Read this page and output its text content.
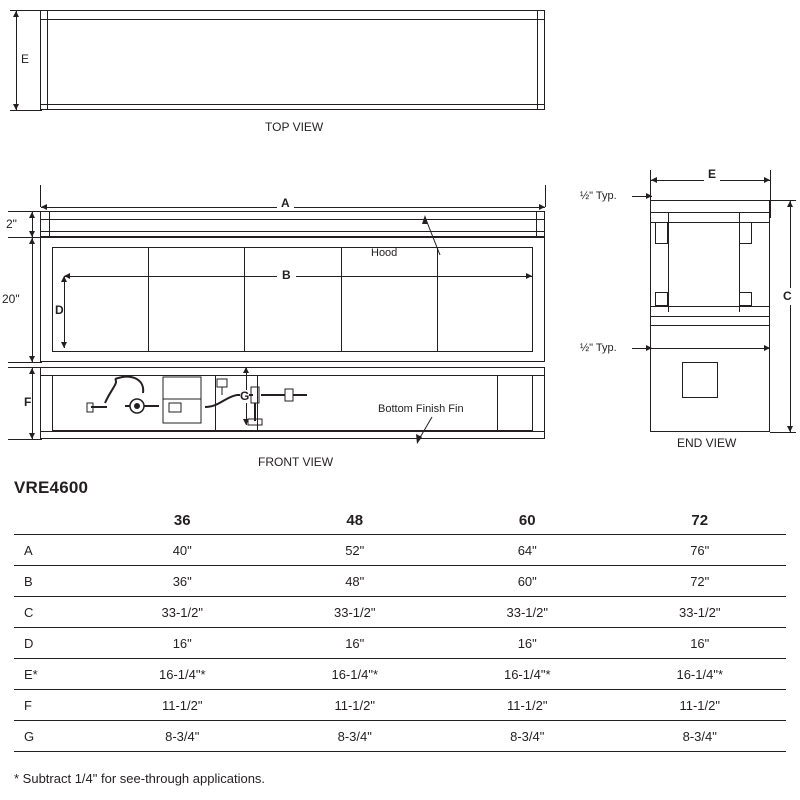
E
TOP VIEW
A
2"
B
D
20"
Hood
G
F	Bottom Finish Fin
FRONT VIEW
E
C
½" Typ.
½" Typ.
END VIEW
VRE4600
	36	48	60	72
A	40"	52"	64"	76"
B	36"	48"	60"	72"
C	33-1/2"	33-1/2"	33-1/2"	33-1/2"
D	16"	16"	16"	16"
E*	16-1/4"*	16-1/4"*	16-1/4"*	16-1/4"*
F	11-1/2"	11-1/2"	11-1/2"	11-1/2"
G	8-3/4"	8-3/4"	8-3/4"	8-3/4"
* Subtract 1/4" for see-through applications.
